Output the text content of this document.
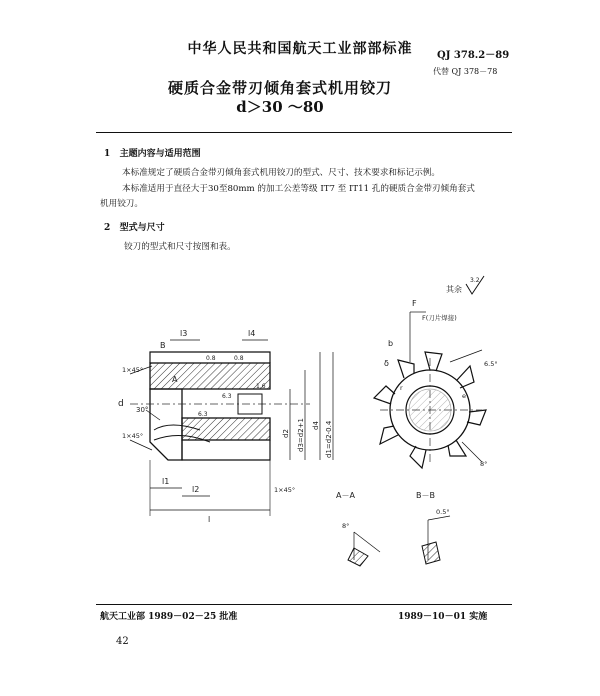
中华人民共和国航天工业部部标准	QJ 378.2－89
代替 QJ 378－78
硬质合金带刃倾角套式机用铰刀
d＞30 ～80
1 主题内容与适用范围
本标准规定了硬质合金带刃倾角套式机用铰刀的型式、尺寸、技术要求和标记示例。
本标准适用于直径大于30至80mm 的加工公差等级 IT7 至 IT11 孔的硬质合金带刃倾角套式
机用铰刀。
2 型式与尺寸
铰刀的型式和尺寸按图和表。
l3	l4
B
A
1×45°
1×45°
1×45°
30°
d
0.8	0.8
6.3
6.3
1.6
l1
l2
l
d2 d3=d2+1 d4 d1=d2-0.4
F
F(刀片焊接)
b
δ	6.5°
8°
r
e
其余
3.2
A－A
8°
B－B
0.5°
航天工业部 1989－02－25 批准	1989－10－01 实施
42
